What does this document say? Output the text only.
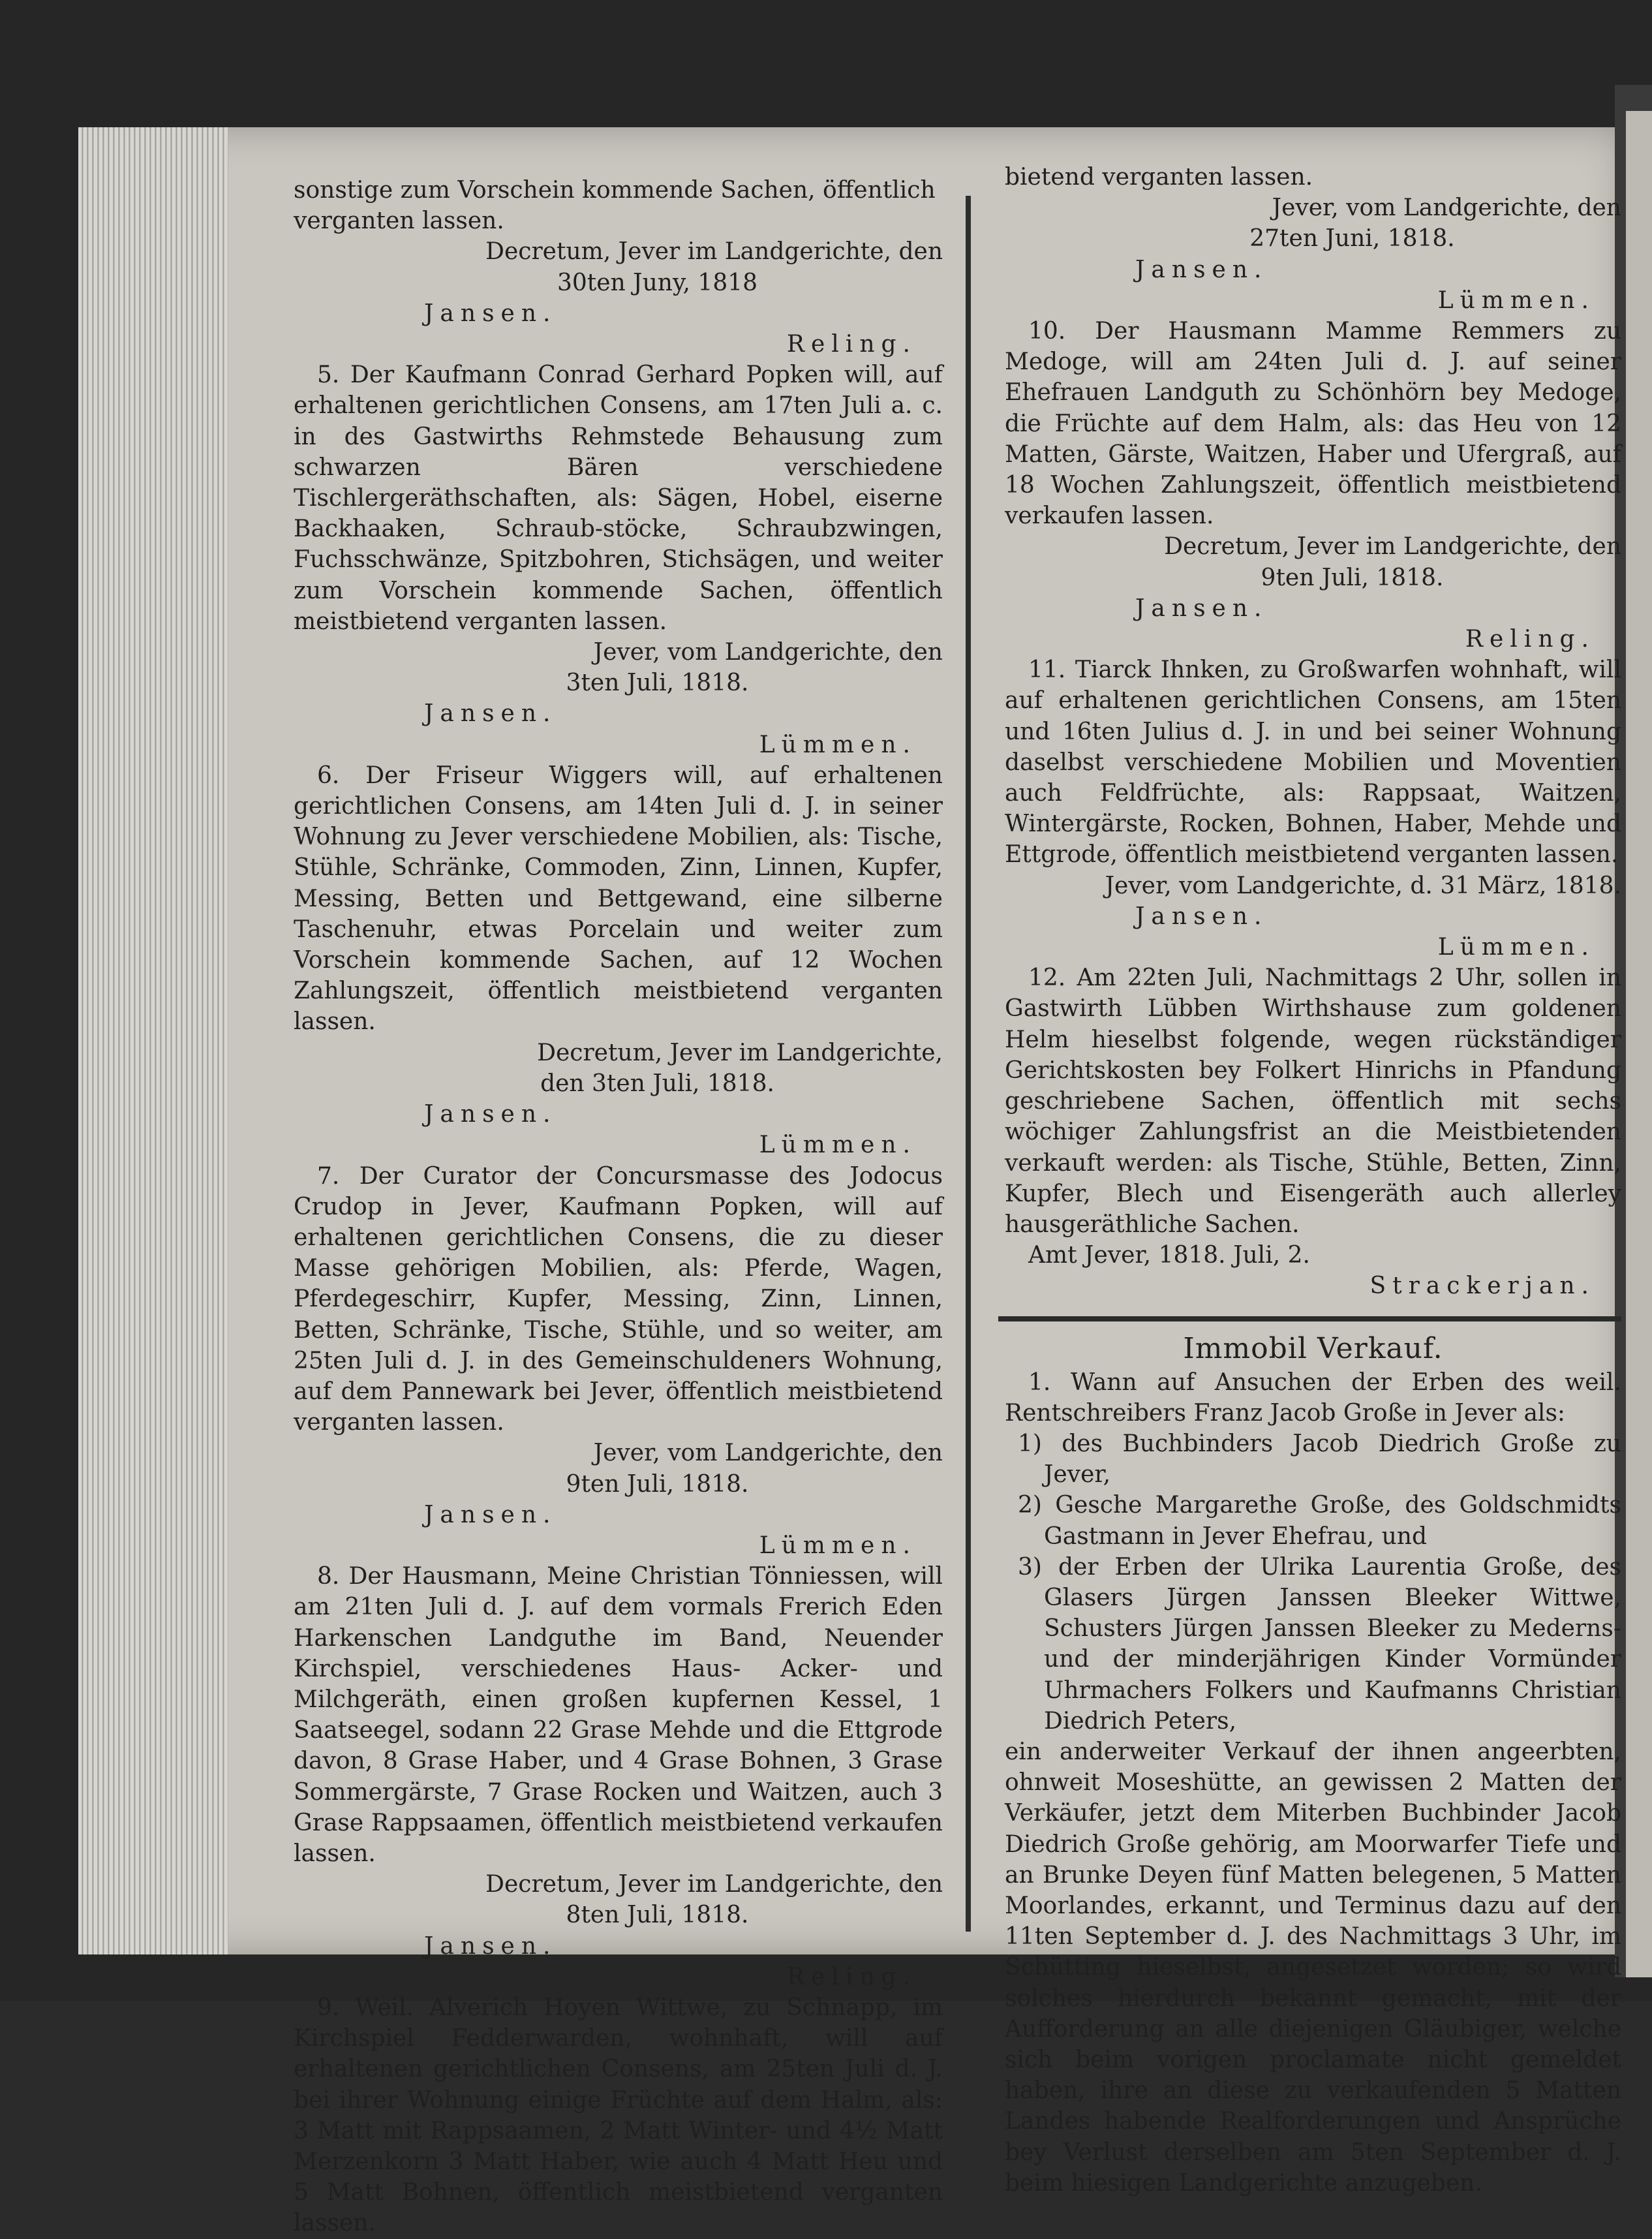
sonstige zum Vorschein kommende Sachen, öffentlich

verganten lassen.

Decretum, Jever im Landgerichte, den

30ten Juny, 1818

Jansen.

Reling.

5. Der Kaufmann Conrad Gerhard Popken will, auf erhaltenen gerichtlichen Consens, am 17ten Juli a. c. in des Gastwirths Rehmstede Behausung zum schwarzen Bären verschiedene Tischlergeräthschaften, als: Sägen, Hobel, eiserne Backhaaken, Schraub-stöcke, Schraubzwingen, Fuchsschwänze, Spitzbohren, Stichsägen, und weiter zum Vorschein kommende Sachen, öffentlich meistbietend verganten lassen.

Jever, vom Landgerichte, den

3ten Juli, 1818.

Jansen.

Lümmen.

6. Der Friseur Wiggers will, auf erhaltenen gerichtlichen Consens, am 14ten Juli d. J. in seiner Wohnung zu Jever verschiedene Mobilien, als: Tische, Stühle, Schränke, Commoden, Zinn, Linnen, Kupfer, Messing, Betten und Bettgewand, eine silberne Taschenuhr, etwas Porcelain und weiter zum Vorschein kommende Sachen, auf 12 Wochen Zahlungszeit, öffentlich meistbietend verganten lassen.

Decretum, Jever im Landgerichte,

den 3ten Juli, 1818.

Jansen.

Lümmen.

7. Der Curator der Concursmasse des Jodocus Crudop in Jever, Kaufmann Popken, will auf erhaltenen gerichtlichen Consens, die zu dieser Masse gehörigen Mobilien, als: Pferde, Wagen, Pferdegeschirr, Kupfer, Messing, Zinn, Linnen, Betten, Schränke, Tische, Stühle, und so weiter, am 25ten Juli d. J. in des Gemeinschuldeners Wohnung, auf dem Pannewark bei Jever, öffentlich meistbietend verganten lassen.

Jever, vom Landgerichte, den

9ten Juli, 1818.

Jansen.

Lümmen.

8. Der Hausmann, Meine Christian Tönniessen, will am 21ten Juli d. J. auf dem vormals Frerich Eden Harkenschen Landguthe im Band, Neuender Kirchspiel, verschiedenes Haus- Acker- und Milchgeräth, einen großen kupfernen Kessel, 1 Saatseegel, sodann 22 Grase Mehde und die Ettgrode davon, 8 Grase Haber, und 4 Grase Bohnen, 3 Grase Sommergärste, 7 Grase Rocken und Waitzen, auch 3 Grase Rappsaamen, öffentlich meistbietend verkaufen lassen.

Decretum, Jever im Landgerichte, den

8ten Juli, 1818.

Jansen.

Reling.

9. Weil. Alverich Hoyen Wittwe, zu Schnapp, im Kirchspiel Fedderwarden, wohnhaft, will auf erhaltenen gerichtlichen Consens, am 25ten Juli d. J. bei ihrer Wohnung einige Früchte auf dem Halm, als: 3 Matt mit Rappsaamen, 2 Matt Winter- und 4½ Matt Merzenkorn 3 Matt Haber, wie auch 4 Matt Heu und 5 Matt Bohnen, öffentlich meistbietend verganten lassen.

bietend verganten lassen.

Jever, vom Landgerichte, den

27ten Juni, 1818.

Jansen.

Lümmen.

10. Der Hausmann Mamme Remmers zu Medoge, will am 24ten Juli d. J. auf seiner Ehefrauen Landguth zu Schönhörn bey Medoge, die Früchte auf dem Halm, als: das Heu von 12 Matten, Gärste, Waitzen, Haber und Ufergraß, auf 18 Wochen Zahlungszeit, öffentlich meistbietend verkaufen lassen.

Decretum, Jever im Landgerichte, den

9ten Juli, 1818.

Jansen.

Reling.

11. Tiarck Ihnken, zu Großwarfen wohnhaft, will auf erhaltenen gerichtlichen Consens, am 15ten und 16ten Julius d. J. in und bei seiner Wohnung daselbst verschiedene Mobilien und Moventien auch Feldfrüchte, als: Rappsaat, Waitzen, Wintergärste, Rocken, Bohnen, Haber, Mehde und Ettgrode, öffentlich meistbietend verganten lassen.

Jever, vom Landgerichte, d. 31 März, 1818.

Jansen.

Lümmen.

12. Am 22ten Juli, Nachmittags 2 Uhr, sollen in Gastwirth Lübben Wirthshause zum goldenen Helm hieselbst folgende, wegen rückständiger Gerichtskosten bey Folkert Hinrichs in Pfandung geschriebene Sachen, öffentlich mit sechs wöchiger Zahlungsfrist an die Meistbietenden verkauft werden: als Tische, Stühle, Betten, Zinn, Kupfer, Blech und Eisengeräth auch allerley hausgeräthliche Sachen.

Amt Jever, 1818. Juli, 2.

Strackerjan.

Immobil Verkauf.

1. Wann auf Ansuchen der Erben des weil. Rentschreibers Franz Jacob Große in Jever als:

1) des Buchbinders Jacob Diedrich Große zu Jever,

2) Gesche Margarethe Große, des Goldschmidts Gastmann in Jever Ehefrau, und

3) der Erben der Ulrika Laurentia Große, des Glasers Jürgen Janssen Bleeker Wittwe, Schusters Jürgen Janssen Bleeker zu Mederns- und der minderjährigen Kinder Vormünder Uhrmachers Folkers und Kaufmanns Christian Diedrich Peters,

ein anderweiter Verkauf der ihnen angeerbten, ohnweit Moseshütte, an gewissen 2 Matten der Verkäufer, jetzt dem Miterben Buchbinder Jacob Diedrich Große gehörig, am Moorwarfer Tiefe und an Brunke Deyen fünf Matten belegenen, 5 Matten Moorlandes, erkannt, und Terminus dazu auf den 11ten September d. J. des Nachmittags 3 Uhr, im Schütting hieselbst, angesetzet worden; so wird solches hierdurch bekannt gemacht, mit der Aufforderung an alle diejenigen Gläubiger, welche sich beim vorigen proclamate nicht gemeldet haben, ihre an diese zu verkaufenden 5 Matten Landes habende Realforderungen und Ansprüche bey Verlust derselben am 5ten September d. J. beim hiesigen Landgerichte anzugeben.
